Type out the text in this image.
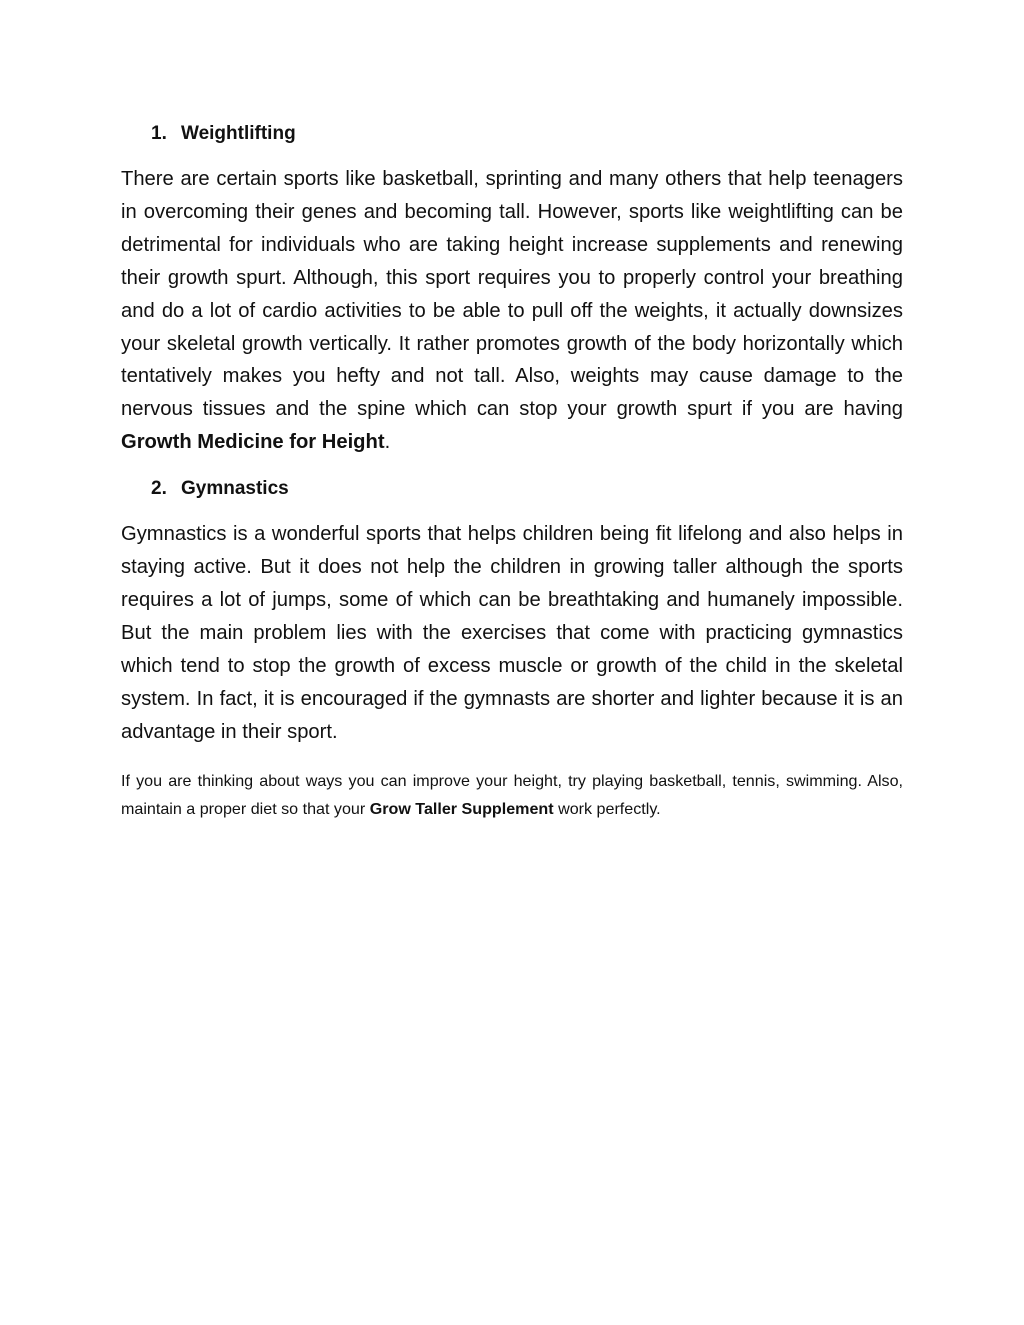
1. Weightlifting

There are certain sports like basketball, sprinting and many others that help teenagers in overcoming their genes and becoming tall. However, sports like weightlifting can be detrimental for individuals who are taking height increase supplements and renewing their growth spurt. Although, this sport requires you to properly control your breathing and do a lot of cardio activities to be able to pull off the weights, it actually downsizes your skeletal growth vertically. It rather promotes growth of the body horizontally which tentatively makes you hefty and not tall. Also, weights may cause damage to the nervous tissues and the spine which can stop your growth spurt if you are having Growth Medicine for Height.

2. Gymnastics

Gymnastics is a wonderful sports that helps children being fit lifelong and also helps in staying active. But it does not help the children in growing taller although the sports requires a lot of jumps, some of which can be breathtaking and humanely impossible. But the main problem lies with the exercises that come with practicing gymnastics which tend to stop the growth of excess muscle or growth of the child in the skeletal system. In fact, it is encouraged if the gymnasts are shorter and lighter because it is an advantage in their sport.

If you are thinking about ways you can improve your height, try playing basketball, tennis, swimming. Also, maintain a proper diet so that your Grow Taller Supplement work perfectly.
